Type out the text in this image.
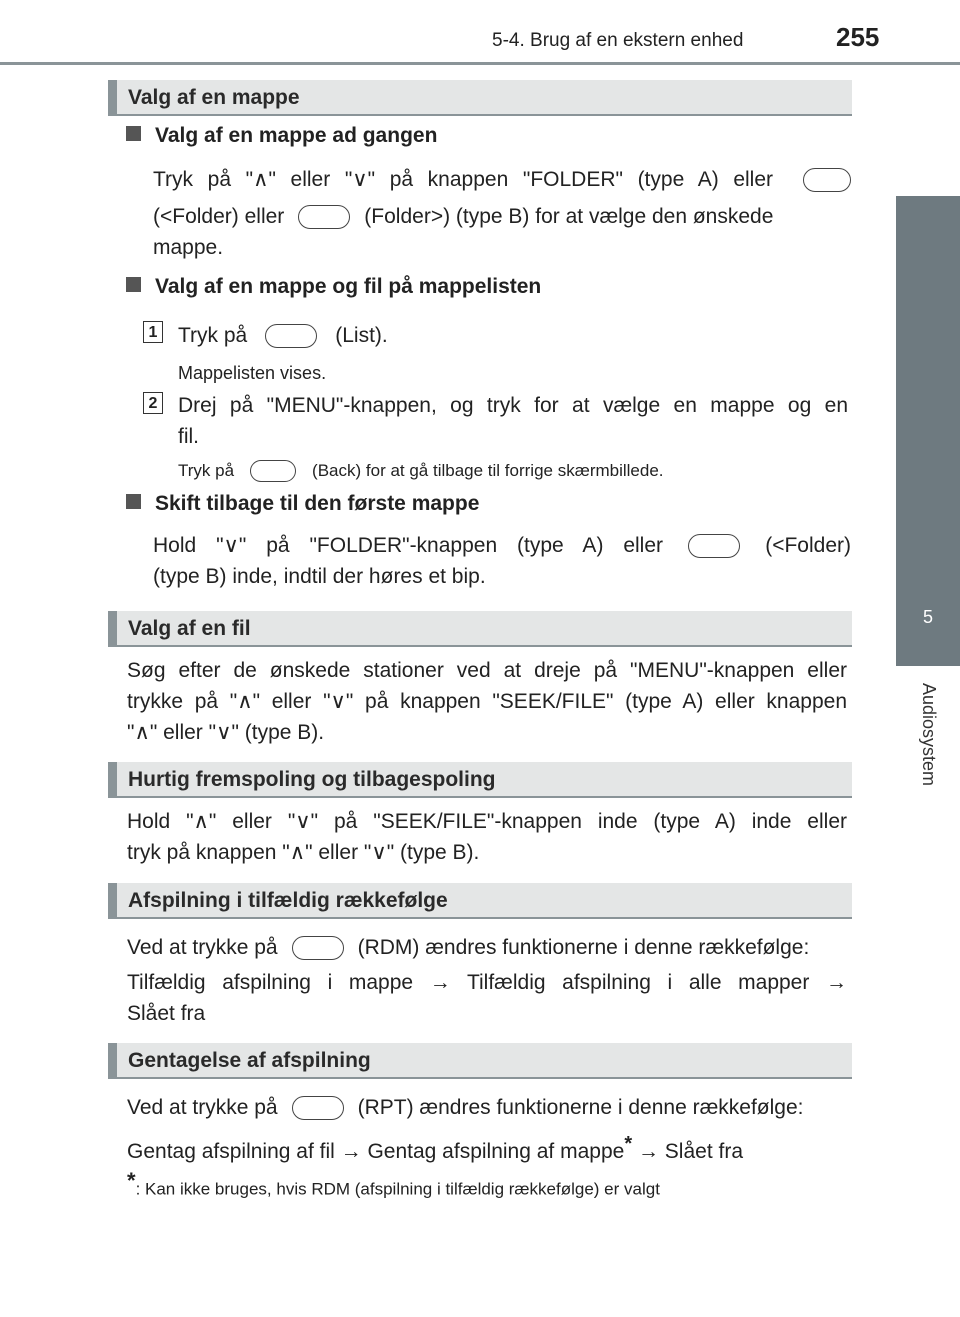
5-4. Brug af en ekstern enhed	255
5
Audiosystem
Valg af en mappe
Valg af en mappe ad gangen
Tryk på "∧" eller "∨" på knappen "FOLDER" (type A) eller
(<Folder) eller	(Folder>) (type B) for at vælge den ønskede
mappe.
Valg af en mappe og fil på mappelisten
1 Tryk på	(List).
Mappelisten vises.
2 Drej på "MENU"-knappen, og tryk for at vælge en mappe og en
fil.
Tryk på	(Back) for at gå tilbage til forrige skærmbillede.
Skift tilbage til den første mappe
Hold "∨" på "FOLDER"-knappen (type A) eller	(<Folder)
(type B) inde, indtil der høres et bip.
Valg af en fil
Søg efter de ønskede stationer ved at dreje på "MENU"-knappen eller
trykke på "∧" eller "∨" på knappen "SEEK/FILE" (type A) eller knappen
"∧" eller "∨" (type B).
Hurtig fremspoling og tilbagespoling
Hold "∧" eller "∨" på "SEEK/FILE"-knappen inde (type A) inde eller
tryk på knappen "∧" eller "∨" (type B).
Afspilning i tilfældig rækkefølge
Ved at trykke på	(RDM) ændres funktionerne i denne rækkefølge:
Tilfældig afspilning i mappe → Tilfældig afspilning i alle mapper →
Slået fra
Gentagelse af afspilning
Ved at trykke på	(RPT) ændres funktionerne i denne rækkefølge:
Gentag afspilning af fil → Gentag afspilning af mappe* → Slået fra
*: Kan ikke bruges, hvis RDM (afspilning i tilfældig rækkefølge) er valgt
